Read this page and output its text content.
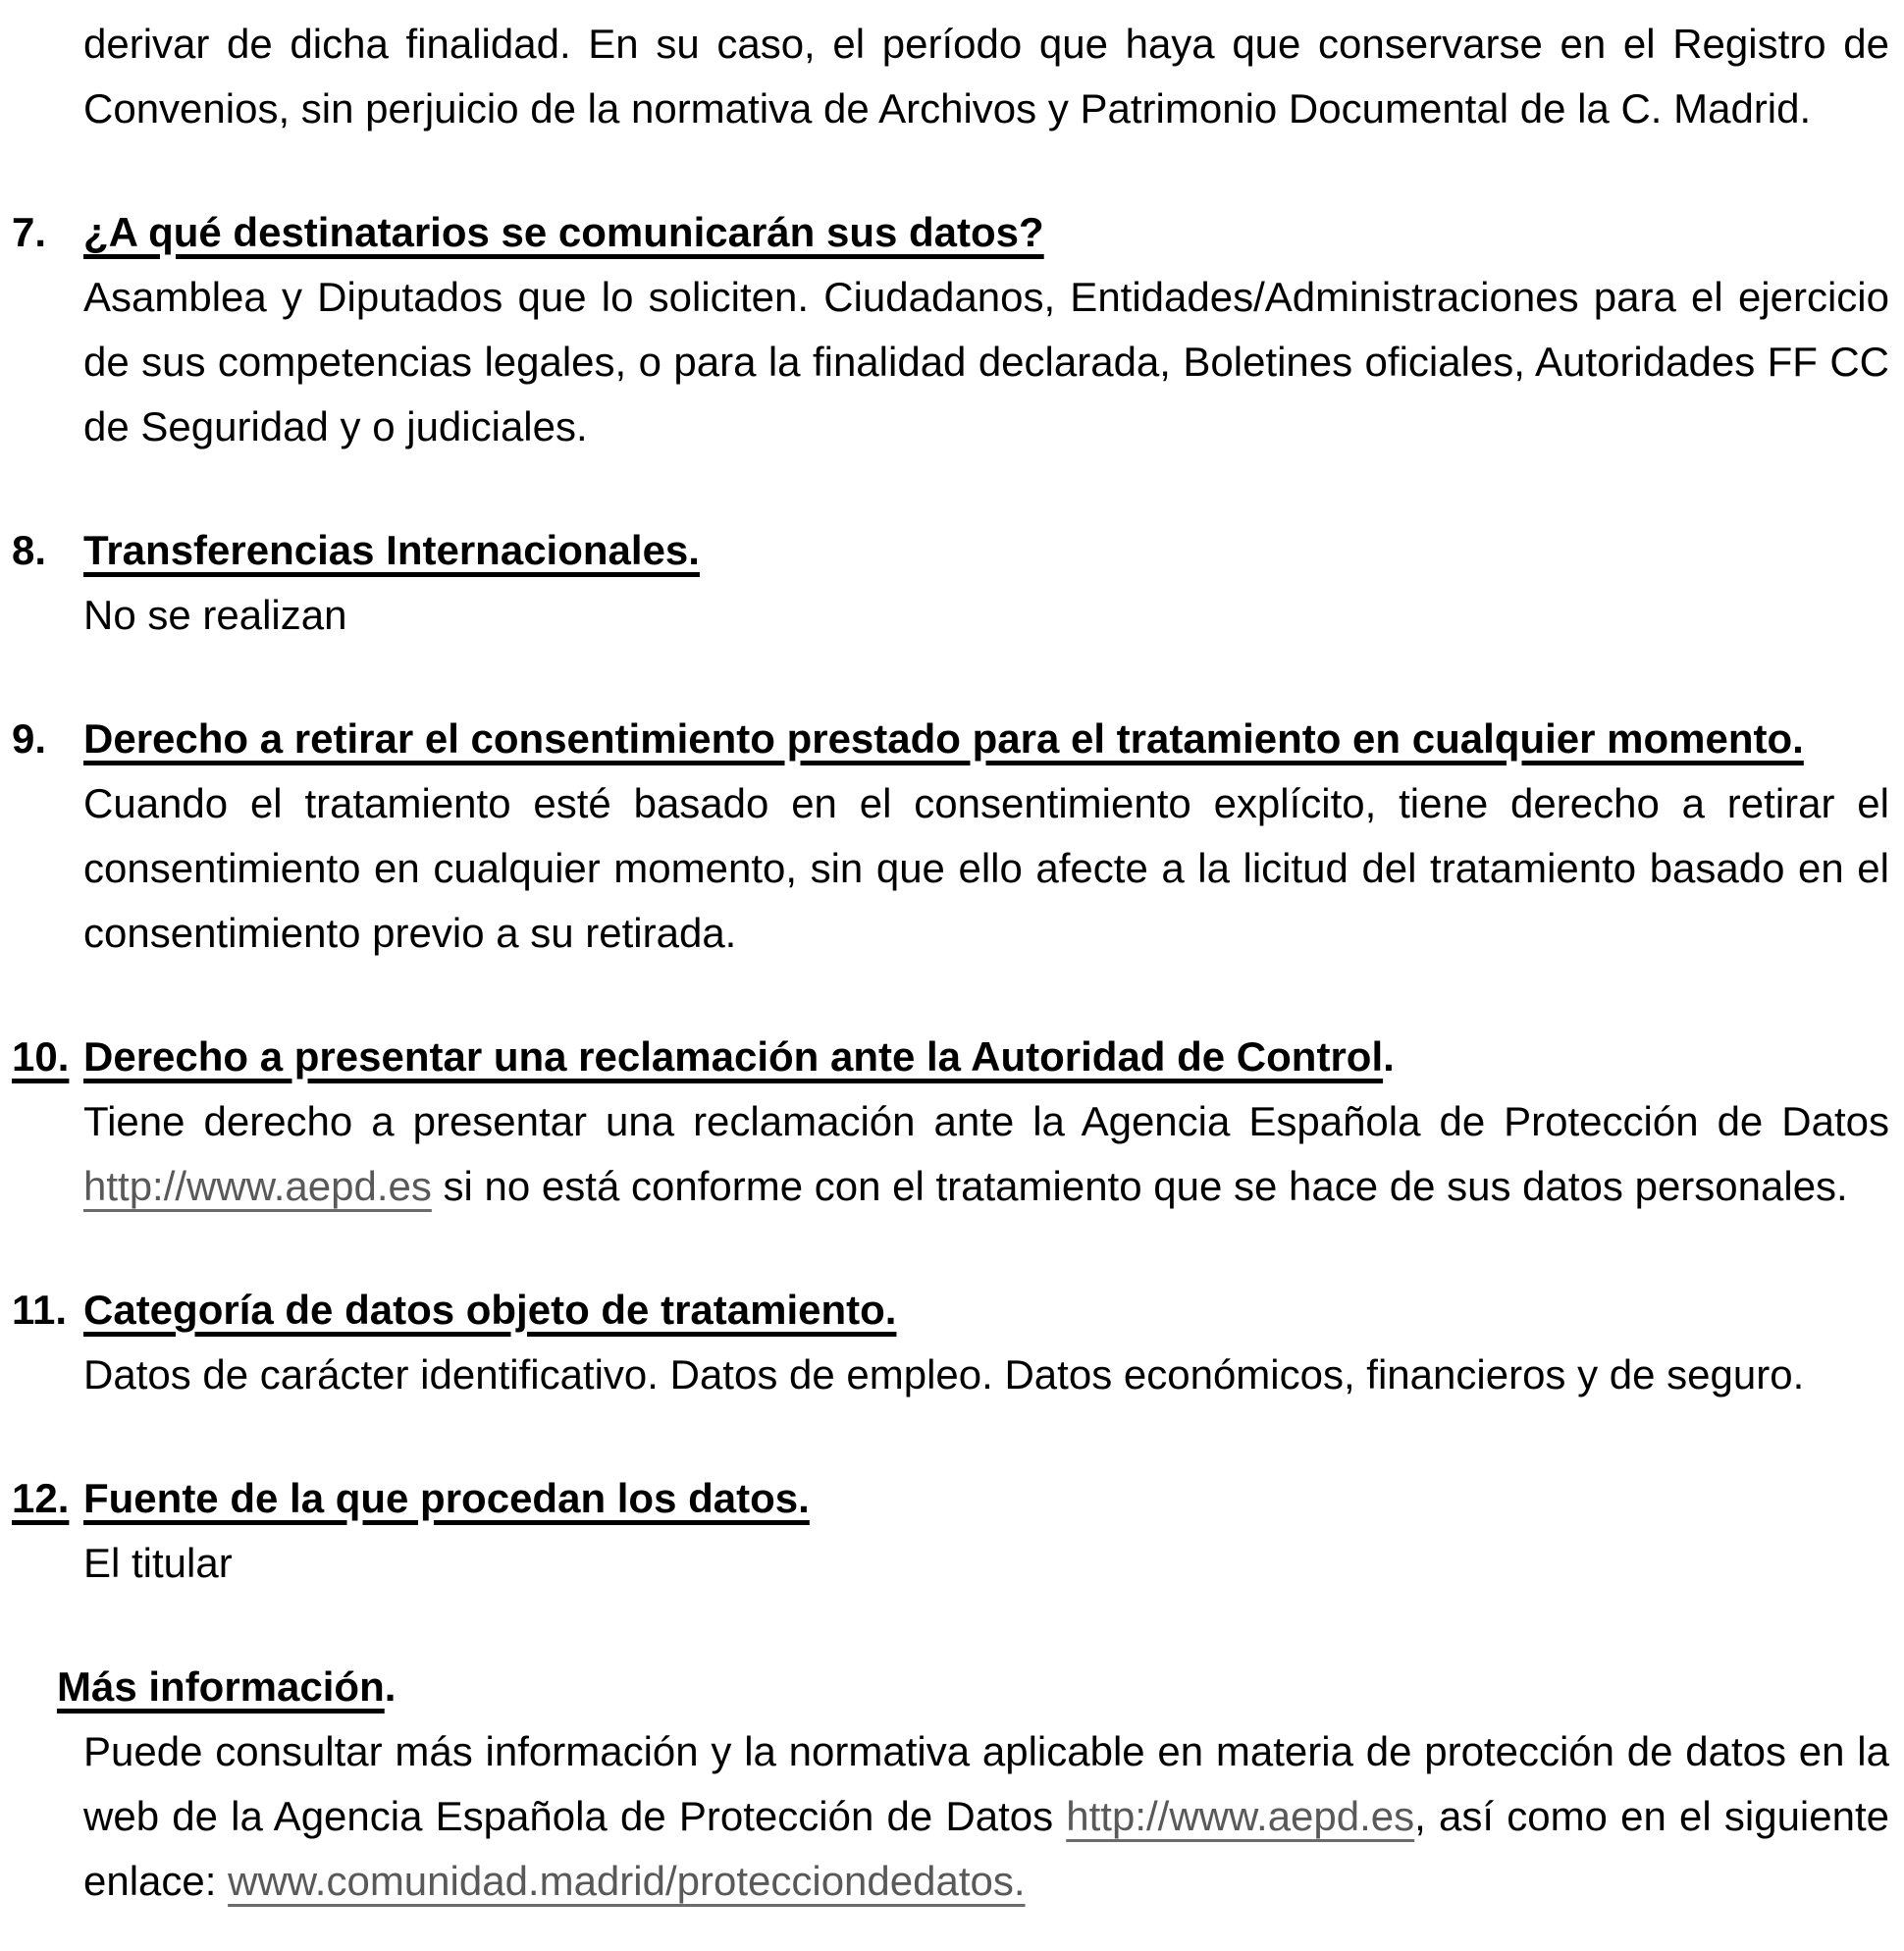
derivar de dicha finalidad. En su caso, el período que haya que conservarse en el Registro de
Convenios, sin perjuicio de la normativa de Archivos y Patrimonio Documental de la C. Madrid.
7. ¿A qué destinatarios se comunicarán sus datos?
Asamblea y Diputados que lo soliciten. Ciudadanos, Entidades/Administraciones para el ejercicio
de sus competencias legales, o para la finalidad declarada, Boletines oficiales, Autoridades FF CC
de Seguridad y o judiciales.
8. Transferencias Internacionales.
No se realizan
9. Derecho a retirar el consentimiento prestado para el tratamiento en cualquier momento.
Cuando el tratamiento esté basado en el consentimiento explícito, tiene derecho a retirar el
consentimiento en cualquier momento, sin que ello afecte a la licitud del tratamiento basado en el
consentimiento previo a su retirada.
10. Derecho a presentar una reclamación ante la Autoridad de Control.
Tiene derecho a presentar una reclamación ante la Agencia Española de Protección de Datos
http://www.aepd.es si no está conforme con el tratamiento que se hace de sus datos personales.
11. Categoría de datos objeto de tratamiento.
Datos de carácter identificativo. Datos de empleo. Datos económicos, financieros y de seguro.
12. Fuente de la que procedan los datos.
El titular
Más información.
Puede consultar más información y la normativa aplicable en materia de protección de datos en la
web de la Agencia Española de Protección de Datos http://www.aepd.es, así como en el siguiente
enlace: www.comunidad.madrid/protecciondedatos.
